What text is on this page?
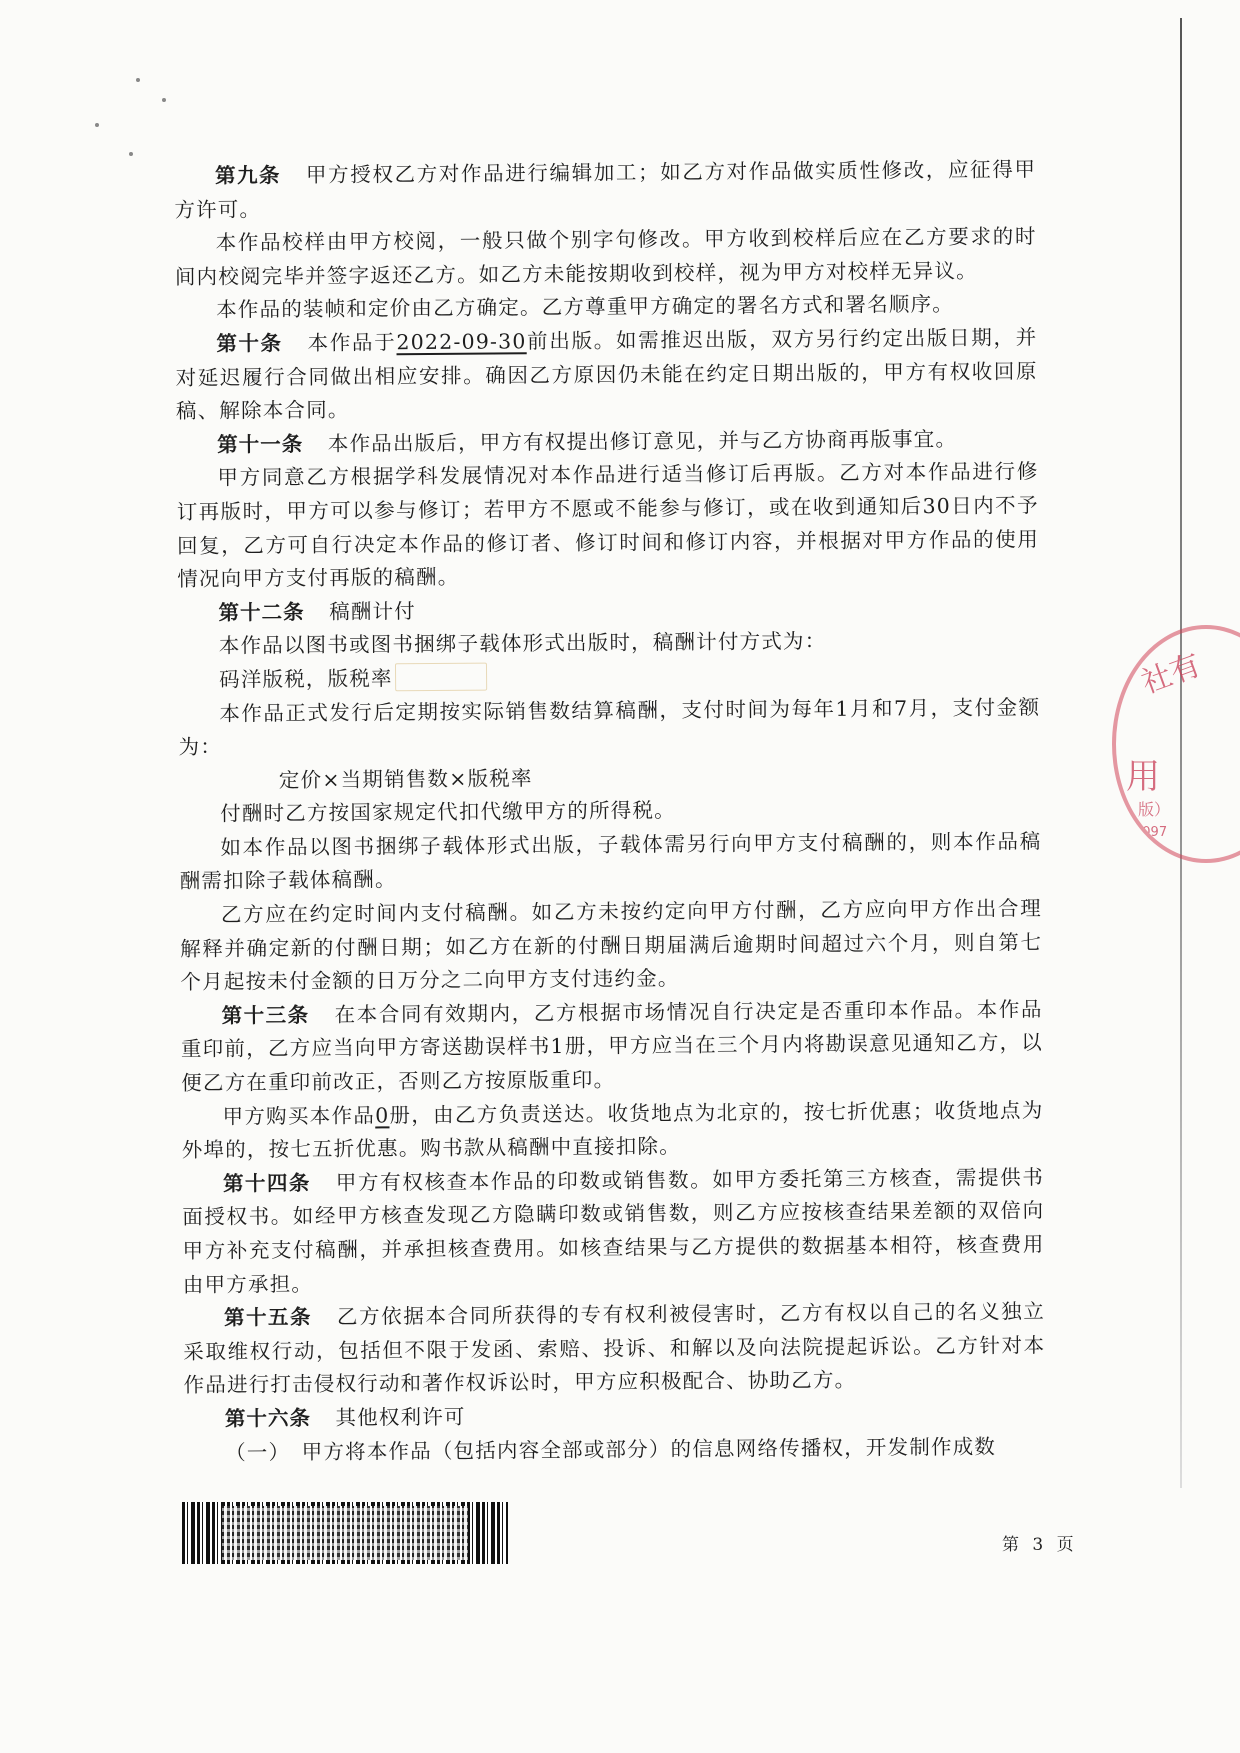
第九条 甲方授权乙方对作品进行编辑加工；如乙方对作品做实质性修改，应征得甲方许可。

本作品校样由甲方校阅，一般只做个别字句修改。甲方收到校样后应在乙方要求的时间内校阅完毕并签字返还乙方。如乙方未能按期收到校样，视为甲方对校样无异议。

本作品的装帧和定价由乙方确定。乙方尊重甲方确定的署名方式和署名顺序。

第十条 本作品于2022-09-30前出版。如需推迟出版，双方另行约定出版日期，并对延迟履行合同做出相应安排。确因乙方原因仍未能在约定日期出版的，甲方有权收回原稿、解除本合同。

第十一条 本作品出版后，甲方有权提出修订意见，并与乙方协商再版事宜。

甲方同意乙方根据学科发展情况对本作品进行适当修订后再版。乙方对本作品进行修订再版时，甲方可以参与修订；若甲方不愿或不能参与修订，或在收到通知后30日内不予回复，乙方可自行决定本作品的修订者、修订时间和修订内容，并根据对甲方作品的使用情况向甲方支付再版的稿酬。

第十二条 稿酬计付

本作品以图书或图书捆绑子载体形式出版时，稿酬计付方式为：

码洋版税，版税率

本作品正式发行后定期按实际销售数结算稿酬，支付时间为每年1月和7月，支付金额为：

定价×当期销售数×版税率

付酬时乙方按国家规定代扣代缴甲方的所得税。

如本作品以图书捆绑子载体形式出版，子载体需另行向甲方支付稿酬的，则本作品稿酬需扣除子载体稿酬。

乙方应在约定时间内支付稿酬。如乙方未按约定向甲方付酬，乙方应向甲方作出合理解释并确定新的付酬日期；如乙方在新的付酬日期届满后逾期时间超过六个月，则自第七个月起按未付金额的日万分之二向甲方支付违约金。

第十三条 在本合同有效期内，乙方根据市场情况自行决定是否重印本作品。本作品重印前，乙方应当向甲方寄送勘误样书1册，甲方应当在三个月内将勘误意见通知乙方，以便乙方在重印前改正，否则乙方按原版重印。

甲方购买本作品0册，由乙方负责送达。收货地点为北京的，按七折优惠；收货地点为外埠的，按七五折优惠。购书款从稿酬中直接扣除。

第十四条 甲方有权核查本作品的印数或销售数。如甲方委托第三方核查，需提供书面授权书。如经甲方核查发现乙方隐瞒印数或销售数，则乙方应按核查结果差额的双倍向甲方补充支付稿酬，并承担核查费用。如核查结果与乙方提供的数据基本相符，核查费用由甲方承担。

第十五条 乙方依据本合同所获得的专有权利被侵害时，乙方有权以自己的名义独立采取维权行动，包括但不限于发函、索赔、投诉、和解以及向法院提起诉讼。乙方针对本作品进行打击侵权行动和著作权诉讼时，甲方应积极配合、协助乙方。

第十六条 其他权利许可

（一）　甲方将本作品（包括内容全部或部分）的信息网络传播权，开发制作成数

第 3 页
社有
用
版）
1097
